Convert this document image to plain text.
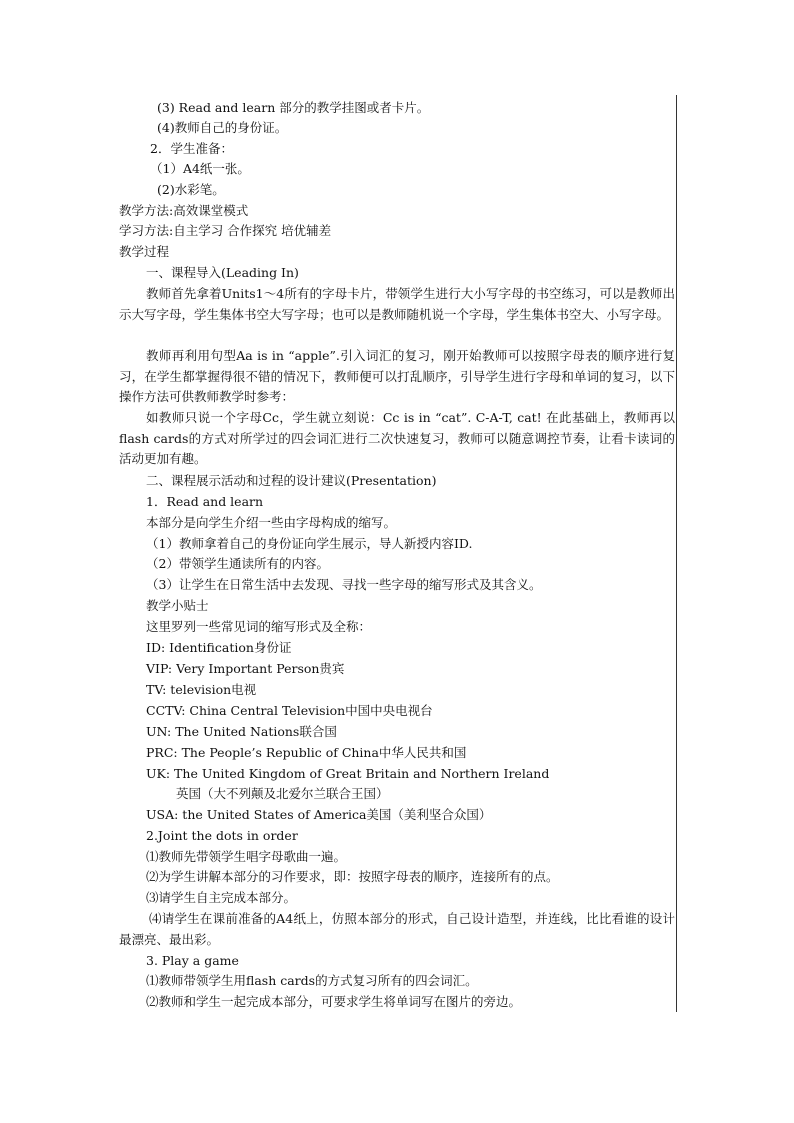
(3) Read and learn 部分的教学挂图或者卡片。
(4)教师自己的身份证。
2．学生准备：
（1）A4纸一张。
(2)水彩笔。
教学方法:高效课堂模式
学习方法:自主学习 合作探究 培优辅差
教学过程
一、课程导入(Leading In)
教师首先拿着Units1～4所有的字母卡片，带领学生进行大小写字母的书空练习，可以是教师出示大写字母，学生集体书空大写字母；也可以是教师随机说一个字母，学生集体书空大、小写字母。
教师再利用句型Aa is in “apple”.引入词汇的复习，刚开始教师可以按照字母表的顺序进行复习，在学生都掌握得很不错的情况下，教师便可以打乱顺序，引导学生进行字母和单词的复习，以下操作方法可供教师教学时参考：
如教师只说一个字母Cc，学生就立刻说：Cc is in “cat”. C-A-T, cat! 在此基础上，教师再以flash cards的方式对所学过的四会词汇进行二次快速复习，教师可以随意调控节奏，让看卡读词的活动更加有趣。
二、课程展示活动和过程的设计建议(Presentation)
1．Read and learn
本部分是向学生介绍一些由字母构成的缩写。
（1）教师拿着自己的身份证向学生展示，导人新授内容ID.
（2）带领学生通读所有的内容。
（3）让学生在日常生活中去发现、寻找一些字母的缩写形式及其含义。
教学小贴士
这里罗列一些常见词的缩写形式及全称：
ID: Identification身份证
VIP: Very Important Person贵宾
TV: television电视
CCTV: China Central Television中国中央电视台
UN: The United Nations联合国
PRC: The People’s Republic of China中华人民共和国
UK: The United Kingdom of Great Britain and Northern Ireland
英国（大不列颠及北爱尔兰联合王国）
USA: the United States of America美国（美利坚合众国）
2.Joint the dots in order
⑴教师先带领学生唱字母歌曲一遍。
⑵为学生讲解本部分的习作要求，即：按照字母表的顺序，连接所有的点。
⑶请学生自主完成本部分。
⑷请学生在课前准备的A4纸上，仿照本部分的形式，自己设计造型，并连线，比比看谁的设计最漂亮、最出彩。
3. Play a game
⑴教师带领学生用flash cards的方式复习所有的四会词汇。
⑵教师和学生一起完成本部分，可要求学生将单词写在图片的旁边。
